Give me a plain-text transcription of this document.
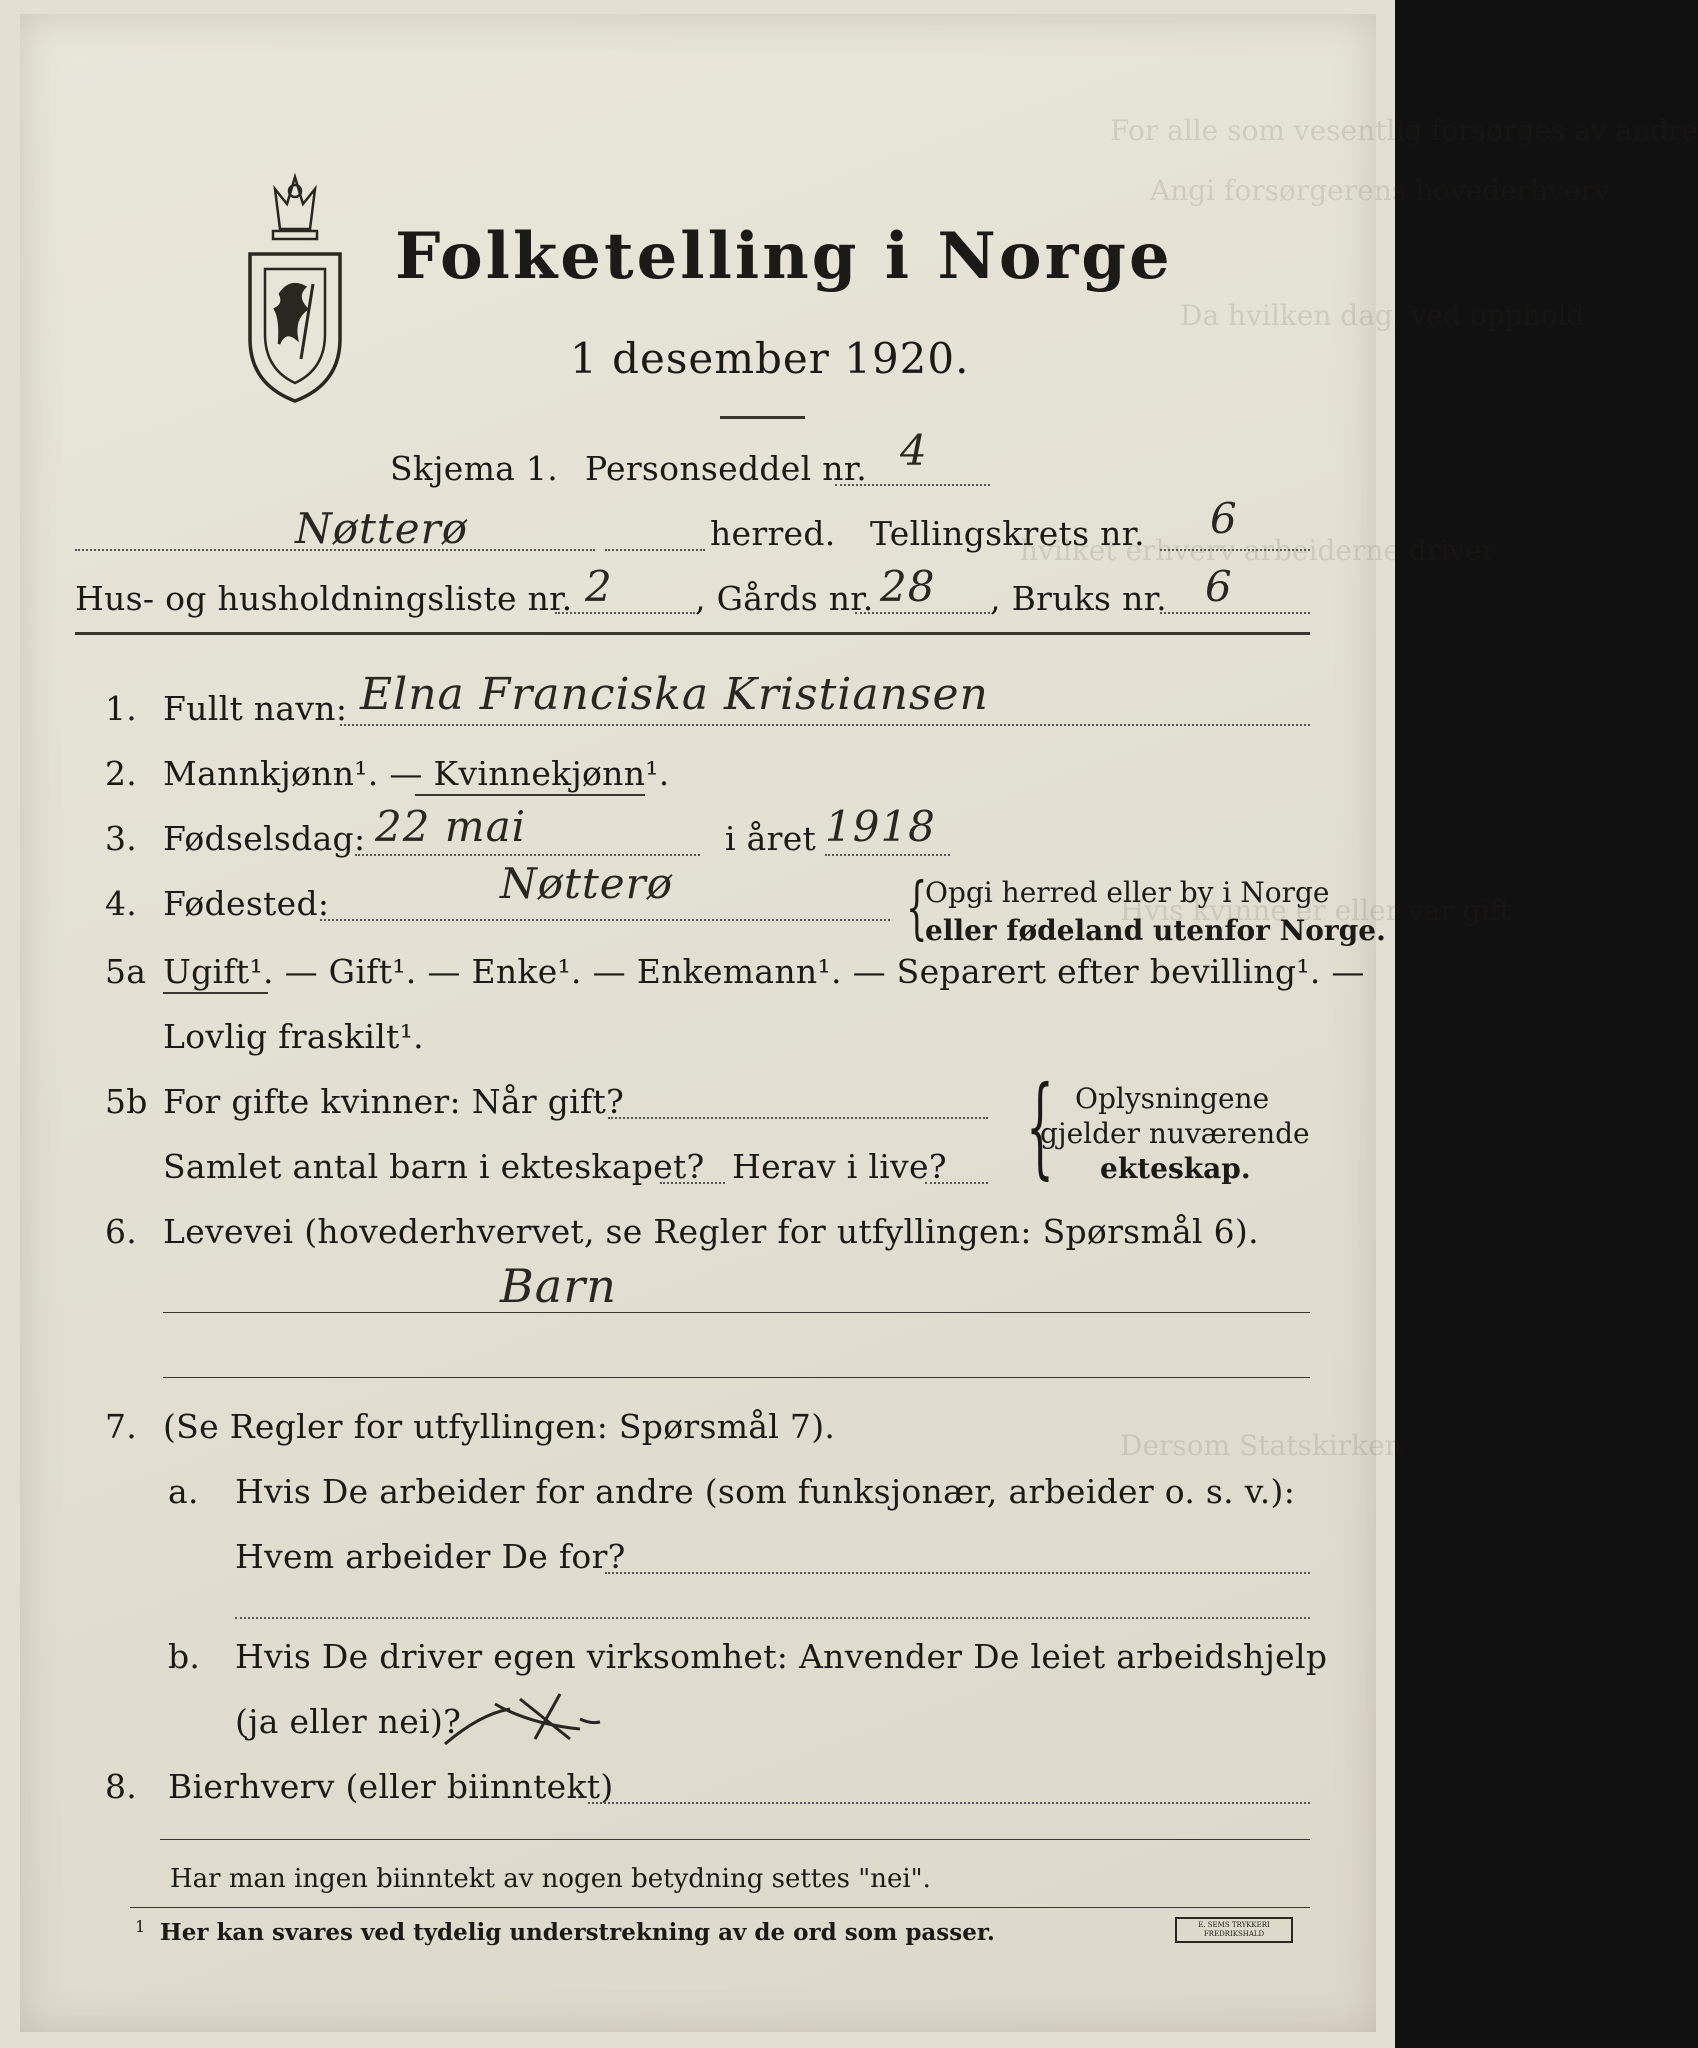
For alle som vesentlig forsørges av andre
Angi forsørgerens hovederhverv
Da hvilken dag, ved opphold
hvilket erhverv arbeiderne driver
Hvis kvinne er eller var gift
Dersom Statskirken
Folketelling i Norge
1 desember 1920.
Skjema 1. Personseddel nr. 4
Nøtterø	herred. Tellingskrets nr. 6
Hus- og husholdningsliste nr. 2 , Gårds nr. 28 , Bruks nr. 6
1. Fullt navn: Elna Franciska Kristiansen
2. Mannkjønn¹. — Kvinnekjønn¹.
3. Fødselsdag: 22 mai	i året 1918
4. Fødested:	Nøtterø	{
Opgi herred eller by i Norge
eller fødeland utenfor Norge.
5a Ugift¹. — Gift¹. — Enke¹. — Enkemann¹. — Separert efter bevilling¹. —
Lovlig fraskilt¹.
5b For gifte kvinner: Når gift?
Samlet antal barn i ekteskapet? Herav i live? { Oplysningene
gjelder nuværende
ekteskap.
6. Levevei (hovederhvervet, se Regler for utfyllingen: Spørsmål 6).
Barn
7. (Se Regler for utfyllingen: Spørsmål 7).
a. Hvis De arbeider for andre (som funksjonær, arbeider o. s. v.):
Hvem arbeider De for?
b. Hvis De driver egen virksomhet: Anvender De leiet arbeidshjelp
(ja eller nei)?
8. Bierhverv (eller biinntekt)
Har man ingen biinntekt av nogen betydning settes "nei".
1 Her kan svares ved tydelig understrekning av de ord som passer.	E. SEMS TRYKKERI FREDRIKSHALD
